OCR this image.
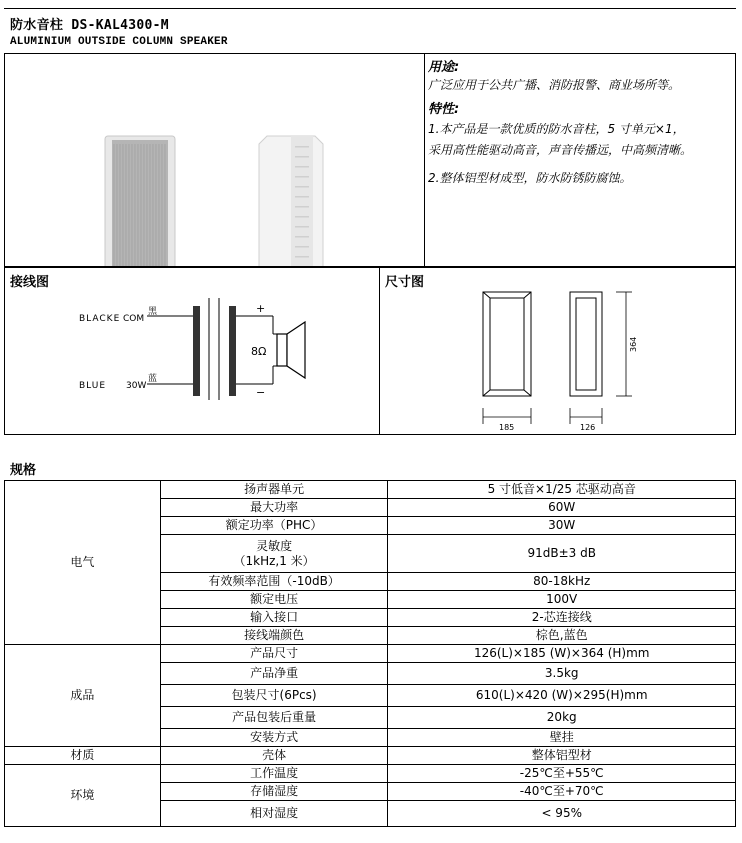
防水音柱 DS-KAL4300-M
ALUMINIUM OUTSIDE COLUMN SPEAKER
用途:
广泛应用于公共广播、消防报警、商业场所等。
特性:
1.本产品是一款优质的防水音柱，5 寸单元×1，
采用高性能驱动高音，声音传播远，中高频清晰。
2.整体铝型材成型，防水防锈防腐蚀。
BLACKE COM
黑
BLUE 30W
蓝
+
−
8Ω
185	126
364
接线图	尺寸图
规格
电气	扬声器单元	5 寸低音×1/25 芯驱动高音
	最大功率	60W
	额定功率（PHC）	30W

	灵敏度
（1kHz,1 米）	91dB±3 dB
	有效频率范围（-10dB）	80-18kHz
	额定电压	100V
	输入接口	2-芯连接线
	接线端颜色	棕色,蓝色
成品	产品尺寸	126(L)×185 (W)×364 (H)mm
	产品净重	3.5kg
	包装尺寸(6Pcs)	610(L)×420 (W)×295(H)mm
	产品包装后重量	20kg
	安装方式	壁挂
材质	壳体	整体铝型材
环境	工作温度	-25℃至+55℃
	存储湿度	-40℃至+70℃
	相对湿度	< 95%
